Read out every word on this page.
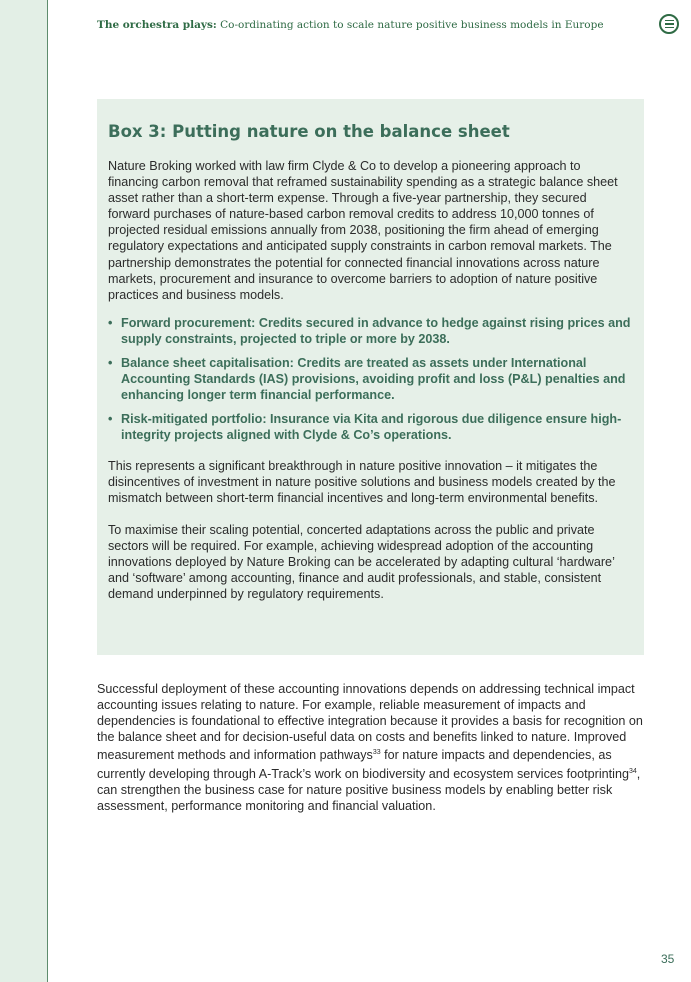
The orchestra plays: Co-ordinating action to scale nature positive business models in Europe
Box 3: Putting nature on the balance sheet

Nature Broking worked with law firm Clyde & Co to develop a pioneering approach to financing carbon removal that reframed sustainability spending as a strategic balance sheet asset rather than a short-term expense. Through a five-year partnership, they secured forward purchases of nature-based carbon removal credits to address 10,000 tonnes of projected residual emissions annually from 2038, positioning the firm ahead of emerging regulatory expectations and anticipated supply constraints in carbon removal markets. The partnership demonstrates the potential for connected financial innovations across nature markets, procurement and insurance to overcome barriers to adoption of nature positive practices and business models.

• Forward procurement: Credits secured in advance to hedge against rising prices and supply constraints, projected to triple or more by 2038.
• Balance sheet capitalisation: Credits are treated as assets under International Accounting Standards (IAS) provisions, avoiding profit and loss (P&L) penalties and enhancing longer term financial performance.
• Risk-mitigated portfolio: Insurance via Kita and rigorous due diligence ensure high-integrity projects aligned with Clyde & Co’s operations.

This represents a significant breakthrough in nature positive innovation – it mitigates the disincentives of investment in nature positive solutions and business models created by the mismatch between short-term financial incentives and long-term environmental benefits.

To maximise their scaling potential, concerted adaptations across the public and private sectors will be required. For example, achieving widespread adoption of the accounting innovations deployed by Nature Broking can be accelerated by adapting cultural ‘hardware’ and ‘software’ among accounting, finance and audit professionals, and stable, consistent demand underpinned by regulatory requirements.

Successful deployment of these accounting innovations depends on addressing technical impact accounting issues relating to nature. For example, reliable measurement of impacts and dependencies is foundational to effective integration because it provides a basis for recognition on the balance sheet and for decision-useful data on costs and benefits linked to nature. Improved measurement methods and information pathways$^{33}$ for nature impacts and dependencies, as currently developing through A-Track’s work on biodiversity and ecosystem services footprinting$^{34}$, can strengthen the business case for nature positive business models by enabling better risk assessment, performance monitoring and financial valuation.

35
